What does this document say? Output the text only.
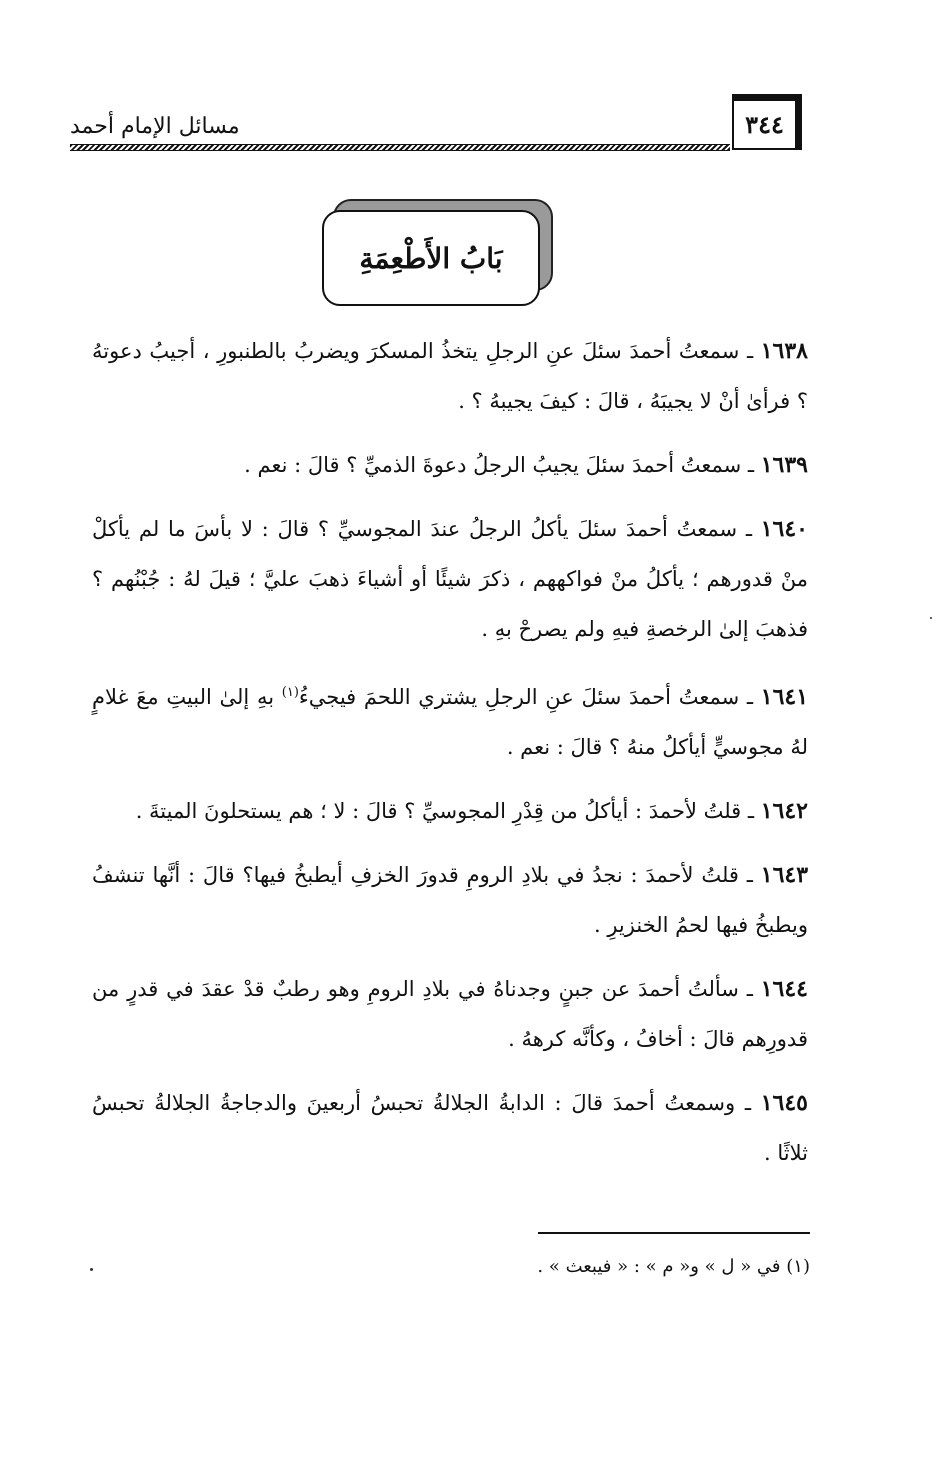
مسائل الإمام أحمد	٣٤٤
بَابُ الأَطْعِمَةِ

١٦٣٨ ـ سمعتُ أحمدَ سئلَ عنِ الرجلِ يتخذُ المسكرَ ويضربُ بالطنبورِ ، أجيبُ دعوتهُ ؟ فرأىٰ أنْ لا يجيبَهُ ، قالَ : كيفَ يجيبهُ ؟ .

١٦٣٩ ـ سمعتُ أحمدَ سئلَ يجيبُ الرجلُ دعوةَ الذميِّ ؟ قالَ : نعم .

١٦٤٠ ـ سمعتُ أحمدَ سئلَ يأكلُ الرجلُ عندَ المجوسيِّ ؟ قالَ : لا بأسَ ما لم يأكلْ منْ قدورهم ؛ يأكلُ منْ فواكههم ، ذكرَ شيئًا أو أشياءَ ذهبَ عليَّ ؛ قيلَ لهُ : جُبْنُهم ؟ فذهبَ إلىٰ الرخصةِ فيهِ ولم يصرحْ بهِ .

١٦٤١ ـ سمعتُ أحمدَ سئلَ عنِ الرجلِ يشتري اللحمَ فيجيءُ$^{(١)}$ بهِ إلىٰ البيتِ معَ غلامٍ لهُ مجوسيٍّ أيأكلُ منهُ ؟ قالَ : نعم .

١٦٤٢ ـ قلتُ لأحمدَ : أيأكلُ من قِدْرِ المجوسيِّ ؟ قالَ : لا ؛ هم يستحلونَ الميتةَ .

١٦٤٣ ـ قلتُ لأحمدَ : نجدُ في بلادِ الرومِ قدورَ الخزفِ أيطبخُ فيها؟ قالَ : أنَّها تنشفُ ويطبخُ فيها لحمُ الخنزيرِ .

١٦٤٤ ـ سألتُ أحمدَ عن جبنٍ وجدناهُ في بلادِ الرومِ وهو رطبٌ قدْ عقدَ في قدرٍ من قدورِهم قالَ : أخافُ ، وكأنَّه كرههُ .

١٦٤٥ ـ وسمعتُ أحمدَ قالَ : الدابةُ الجلالةُ تحبسُ أربعينَ والدجاجةُ الجلالةُ تحبسُ ثلاثًا .

(١) في « ل » و« م » : « فيبعث » .
